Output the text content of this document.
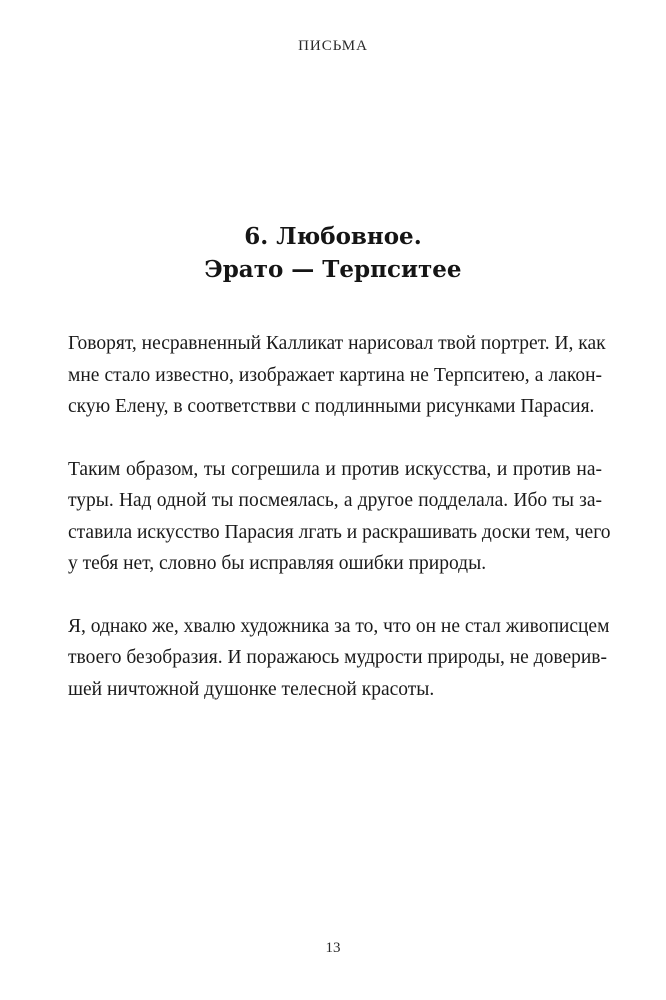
ПИСЬМА
6. Любовное.
Эрато — Терпситее

Говорят, несравненный Калликат нарисовал твой портрет. И, как
мне стало известно, изображает картина не Терпситею, а лакон-
скую Елену, в соответствви с подлинными рисунками Парасия.

Таким образом, ты согрешила и против искусства, и против на-
туры. Над одной ты посмеялась, а другое подделала. Ибо ты за-
ставила искусство Парасия лгать и раскрашивать доски тем, чего
у тебя нет, словно бы исправляя ошибки природы.

Я, однако же, хвалю художника за то, что он не стал живописцем
твоего безобразия. И поражаюсь мудрости природы, не доверив-
шей ничтожной душонке телесной красоты.

13
